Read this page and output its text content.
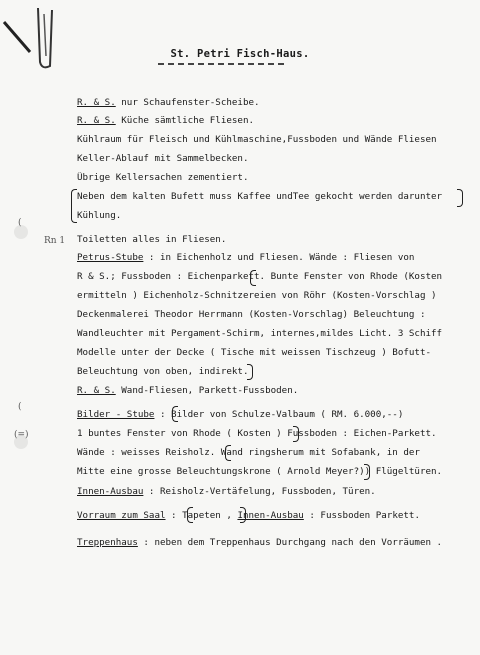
St. Petri Fisch-Haus.
Rn 1
(
(
(=)
R. & S. nur Schaufenster-Scheibe.
R. & S. Küche sämtliche Fliesen.
Kühlraum für Fleisch und Kühlmaschine,Fussboden und Wände Fliesen
Keller-Ablauf mit Sammelbecken.
Übrige Kellersachen zementiert.
Neben dem kalten Bufett muss Kaffee undTee gekocht werden darunter
Kühlung.
Toiletten alles in Fliesen.
Petrus-Stube : in Eichenholz und Fliesen. Wände : Fliesen von
R & S.; Fussboden : Eichenparkett. Bunte Fenster von Rhode (Kosten
ermitteln ) Eichenholz-Schnitzereien von Röhr (Kosten-Vorschlag )
Deckenmalerei Theodor Herrmann (Kosten-Vorschlag) Beleuchtung :
Wandleuchter mit Pergament-Schirm, internes,mildes Licht. 3 Schiff
Modelle unter der Decke ( Tische mit weissen Tischzeug ) Bofutt-
Beleuchtung von oben, indirekt.
R. & S. Wand-Fliesen, Parkett-Fussboden.
Bilder - Stube : Bilder von Schulze-Valbaum ( RM. 6.000,--)
1 buntes Fenster von Rhode ( Kosten ) Fussboden : Eichen-Parkett.
Wände : weisses Reisholz. Wand ringsherum mit Sofabank, in der
Mitte eine grosse Beleuchtungskrone ( Arnold Meyer?)) Flügeltüren.
Innen-Ausbau : Reisholz-Vertäfelung, Fussboden, Türen.
Vorraum zum Saal : Tapeten , Innen-Ausbau : Fussboden Parkett.
Treppenhaus : neben dem Treppenhaus Durchgang nach den Vorräumen .
